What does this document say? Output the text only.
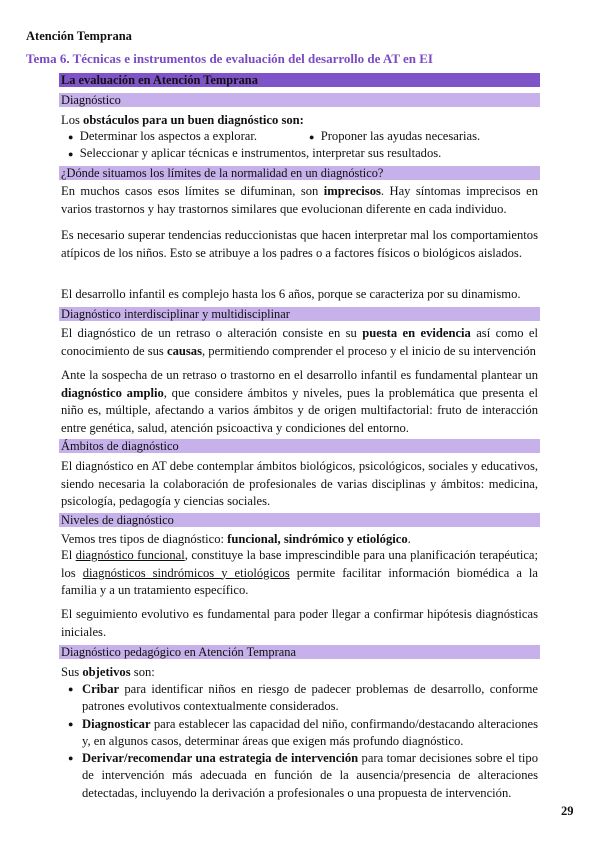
Atención Temprana
Tema 6. Técnicas e instrumentos de evaluación del desarrollo de AT en EI
La evaluación en Atención Temprana
Diagnóstico
Los obstáculos para un buen diagnóstico son:
● Determinar los aspectos a explorar.	● Proponer las ayudas necesarias.
● Seleccionar y aplicar técnicas e instrumentos, interpretar sus resultados.
¿Dónde situamos los límites de la normalidad en un diagnóstico?
En muchos casos esos límites se difuminan, son imprecisos. Hay síntomas imprecisos en varios trastornos y hay trastornos similares que evolucionan diferente en cada individuo.
Es necesario superar tendencias reduccionistas que hacen interpretar mal los comportamientos atípicos de los niños. Esto se atribuye a los padres o a factores físicos o biológicos aislados.
El desarrollo infantil es complejo hasta los 6 años, porque se caracteriza por su dinamismo.
Diagnóstico interdisciplinar y multidisciplinar
El diagnóstico de un retraso o alteración consiste en su puesta en evidencia así como el conocimiento de sus causas, permitiendo comprender el proceso y el inicio de su intervención
Ante la sospecha de un retraso o trastorno en el desarrollo infantil es fundamental plantear un diagnóstico amplio, que considere ámbitos y niveles, pues la problemática que presenta el niño es, múltiple, afectando a varios ámbitos y de origen multifactorial: fruto de interacción entre genética, salud, atención psicoactiva y condiciones del entorno.
Ámbitos de diagnóstico
El diagnóstico en AT debe contemplar ámbitos biológicos, psicológicos, sociales y educativos, siendo necesaria la colaboración de profesionales de varias disciplinas y ámbitos: medicina, psicología, pedagogía y ciencias sociales.
Niveles de diagnóstico
Vemos tres tipos de diagnóstico: funcional, sindrómico y etiológico.
El diagnóstico funcional, constituye la base imprescindible para una planificación terapéutica; los diagnósticos sindrómicos y etiológicos permite facilitar información biomédica a la familia y a un tratamiento específico.
El seguimiento evolutivo es fundamental para poder llegar a confirmar hipótesis diagnósticas iniciales.
Diagnóstico pedagógico en Atención Temprana
Sus objetivos son:
● Cribar para identificar niños en riesgo de padecer problemas de desarrollo, conforme patrones evolutivos contextualmente considerados.
● Diagnosticar para establecer las capacidad del niño, confirmando/destacando alteraciones y, en algunos casos, determinar áreas que exigen más profundo diagnóstico.
● Derivar/recomendar una estrategia de intervención para tomar decisiones sobre el tipo de intervención más adecuada en función de la ausencia/presencia de alteraciones detectadas, incluyendo la derivación a profesionales o una propuesta de intervención.
29
